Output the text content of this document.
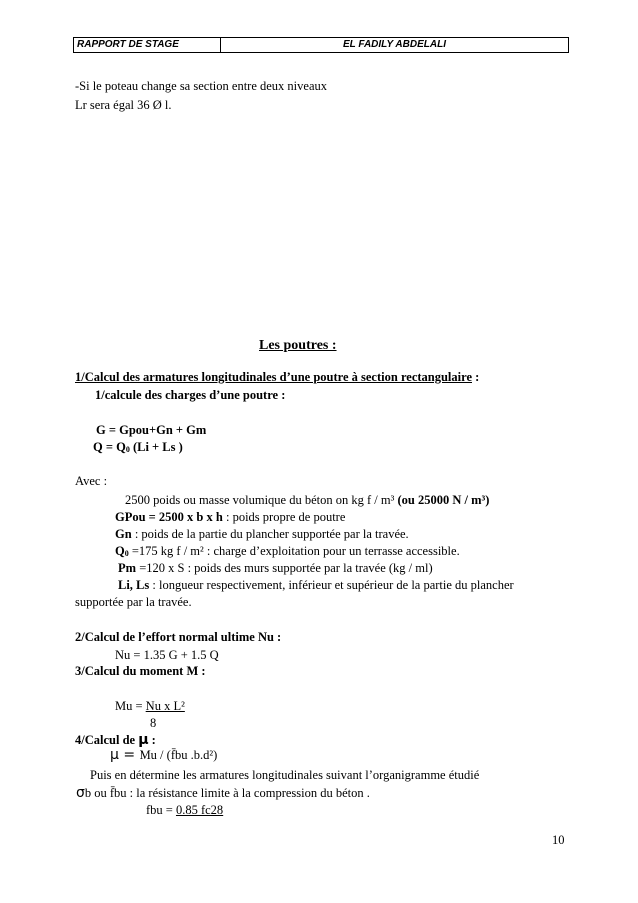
RAPPORT DE STAGE	EL FADILY ABDELALI
-Si le poteau change sa section entre deux niveaux
Lr sera égal 36 Ø l.
Les poutres :
1/Calcul des armatures longitudinales d’une poutre à section rectangulaire :
1/calcule des charges d’une poutre :
G = Gpou+Gn + Gm
$Q = Q_0$ (Li + Ls )
Avec :
2500 poids ou masse volumique du béton on kg f / m³ (ou 25000 N / m³)
GPou = 2500 x b x h : poids propre de poutre
Gn : poids de la partie du plancher supportée par la travée.
$Q_0 =175$ kg f / m² : charge d’exploitation pour un terrasse accessible.
Pm =120 x S : poids des murs supportée par la travée (kg / ml)
Li, Ls : longueur respectivement, inférieur et supérieur de la partie du plancher
supportée par la travée.
2/Calcul de l’effort normal ultime Nu :
Nu = 1.35 G + 1.5 Q
3/Calcul du moment M :
Mu = Nu x L²
8
4/Calcul de μ :
μ = Mu / (f̄bu .b.d²)
Puis en détermine les armatures longitudinales suivant l’organigramme étudié
σb ou f̄bu : la résistance limite à la compression du béton .
fbu = 0.85 fc28
10
